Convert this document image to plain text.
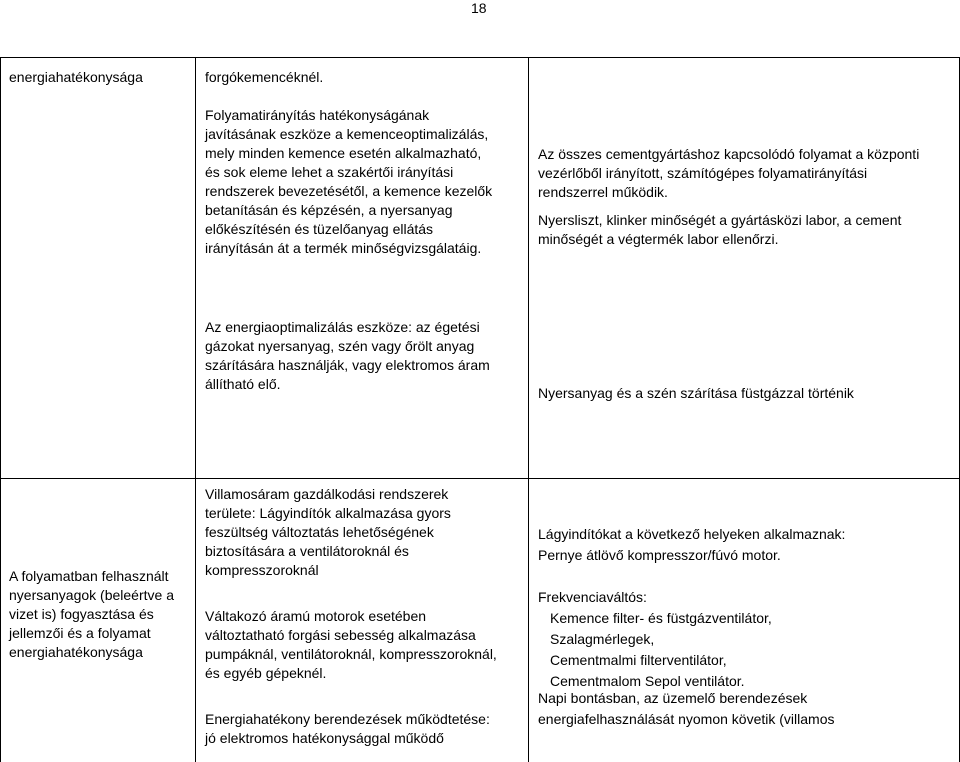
18

energiahatékonysága	forgókemencéknél.

Folyamatirányítás hatékonyságának

javításának eszköze a kemenceoptimalizálás,

mely minden kemence esetén alkalmazható,

és sok eleme lehet a szakértői irányítási

rendszerek bevezetésétől, a kemence kezelők

betanításán és képzésén, a nyersanyag

előkészítésén és tüzelőanyag ellátás

irányításán át a termék minőségvizsgálatáig.

Az összes cementgyártáshoz kapcsolódó folyamat a központi

vezérlőből irányított, számítógépes folyamatirányítási

rendszerrel működik.

Nyersliszt, klinker minőségét a gyártásközi labor, a cement

minőségét a végtermék labor ellenőrzi.

Az energiaoptimalizálás eszköze: az égetési

gázokat nyersanyag, szén vagy őrölt anyag

szárítására használják, vagy elektromos áram

állítható elő.

Nyersanyag és a szén szárítása füstgázzal történik

A folyamatban felhasznált

nyersanyagok (beleértve a

vizet is) fogyasztása és

jellemzői és a folyamat

energiahatékonysága

Villamosáram gazdálkodási rendszerek

területe: Lágyindítók alkalmazása gyors

feszültség változtatás lehetőségének

biztosítására a ventilátoroknál és

kompresszoroknál

Váltakozó áramú motorok esetében

változtatható forgási sebesség alkalmazása

pumpáknál, ventilátoroknál, kompresszoroknál,

és egyéb gépeknél.

Energiahatékony berendezések működtetése:

jó elektromos hatékonysággal működő

Lágyindítókat a következő helyeken alkalmaznak:

Pernye átlövő kompresszor/fúvó motor.

Frekvenciaváltós:

Kemence filter- és füstgázventilátor,

Szalagmérlegek,

Cementmalmi filterventilátor,

Cementmalom Sepol ventilátor.

Napi bontásban, az üzemelő berendezések

energiafelhasználását nyomon követik (villamos
